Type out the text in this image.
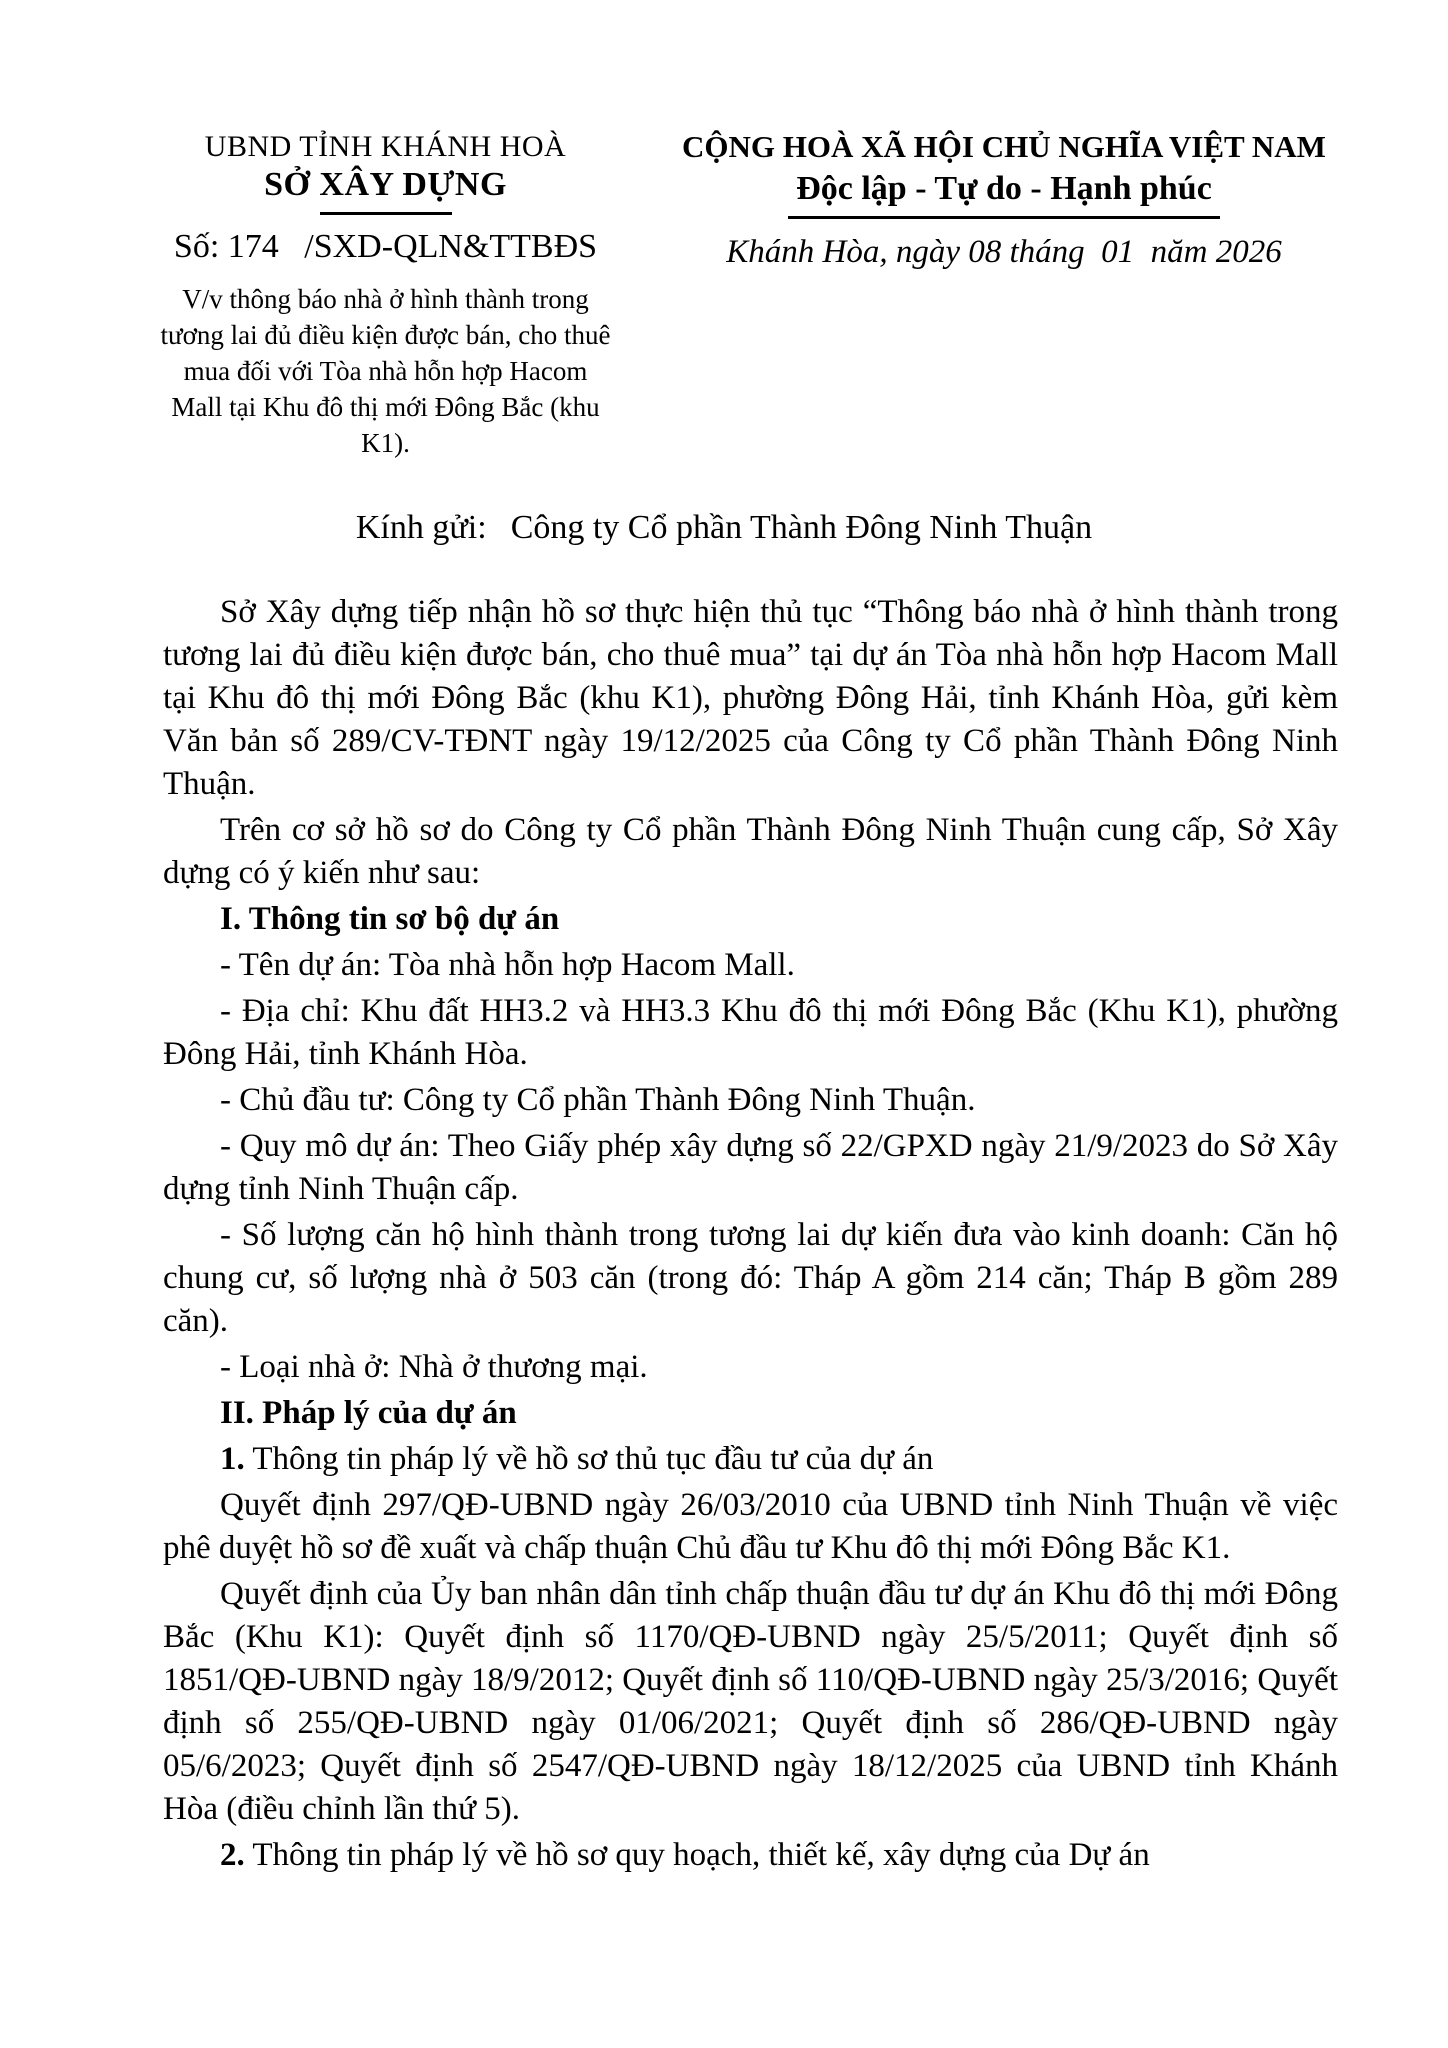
UBND TỈNH KHÁNH HOÀ
SỞ XÂY DỰNG
Số: 174   /SXD-QLN&TTBĐS
V/v thông báo nhà ở hình thành trong tương lai đủ điều kiện được bán, cho thuê mua đối với Tòa nhà hỗn hợp Hacom Mall tại Khu đô thị mới Đông Bắc (khu K1).
CỘNG HOÀ XÃ HỘI CHỦ NGHĨA VIỆT NAM
Độc lập - Tự do - Hạnh phúc
Khánh Hòa, ngày 08 tháng  01  năm 2026
Kính gửi: Công ty Cổ phần Thành Đông Ninh Thuận

Sở Xây dựng tiếp nhận hồ sơ thực hiện thủ tục “Thông báo nhà ở hình thành trong tương lai đủ điều kiện được bán, cho thuê mua” tại dự án Tòa nhà hỗn hợp Hacom Mall tại Khu đô thị mới Đông Bắc (khu K1), phường Đông Hải, tỉnh Khánh Hòa, gửi kèm Văn bản số 289/CV-TĐNT ngày 19/12/2025 của Công ty Cổ phần Thành Đông Ninh Thuận.

Trên cơ sở hồ sơ do Công ty Cổ phần Thành Đông Ninh Thuận cung cấp, Sở Xây dựng có ý kiến như sau:

I. Thông tin sơ bộ dự án

- Tên dự án: Tòa nhà hỗn hợp Hacom Mall.

- Địa chỉ: Khu đất HH3.2 và HH3.3 Khu đô thị mới Đông Bắc (Khu K1), phường Đông Hải, tỉnh Khánh Hòa.

- Chủ đầu tư: Công ty Cổ phần Thành Đông Ninh Thuận.

- Quy mô dự án: Theo Giấy phép xây dựng số 22/GPXD ngày 21/9/2023 do Sở Xây dựng tỉnh Ninh Thuận cấp.

- Số lượng căn hộ hình thành trong tương lai dự kiến đưa vào kinh doanh: Căn hộ chung cư, số lượng nhà ở 503 căn (trong đó: Tháp A gồm 214 căn; Tháp B gồm 289 căn).

- Loại nhà ở: Nhà ở thương mại.

II. Pháp lý của dự án

1. Thông tin pháp lý về hồ sơ thủ tục đầu tư của dự án

Quyết định 297/QĐ-UBND ngày 26/03/2010 của UBND tỉnh Ninh Thuận về việc phê duyệt hồ sơ đề xuất và chấp thuận Chủ đầu tư Khu đô thị mới Đông Bắc K1.

Quyết định của Ủy ban nhân dân tỉnh chấp thuận đầu tư dự án Khu đô thị mới Đông Bắc (Khu K1): Quyết định số 1170/QĐ-UBND ngày 25/5/2011; Quyết định số 1851/QĐ-UBND ngày 18/9/2012; Quyết định số 110/QĐ-UBND ngày 25/3/2016; Quyết định số 255/QĐ-UBND ngày 01/06/2021; Quyết định số 286/QĐ-UBND ngày 05/6/2023; Quyết định số 2547/QĐ-UBND ngày 18/12/2025 của UBND tỉnh Khánh Hòa (điều chỉnh lần thứ 5).

2. Thông tin pháp lý về hồ sơ quy hoạch, thiết kế, xây dựng của Dự án
